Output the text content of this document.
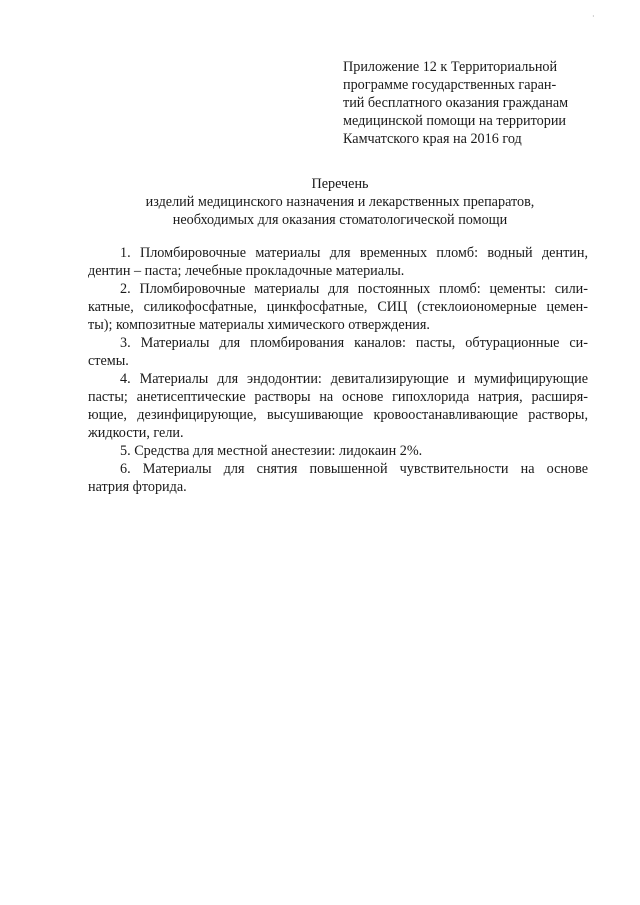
·
Приложение 12 к Территориальной
программе государственных гаран-
тий бесплатного оказания гражданам
медицинской помощи на территории
Камчатского края на 2016 год
Перечень
изделий медицинского назначения и лекарственных препаратов,
необходимых для оказания стоматологической помощи
1. Пломбировочные материалы для временных пломб: водный дентин,
дентин – паста; лечебные прокладочные материалы.
2. Пломбировочные материалы для постоянных пломб: цементы: сили-
катные, силикофосфатные, цинкфосфатные, СИЦ (стеклоиономерные цемен-
ты); композитные материалы химического отверждения.
3. Материалы для пломбирования каналов: пасты, обтурационные си-
стемы.
4. Материалы для эндодонтии: девитализирующие и мумифицирующие
пасты; анетисептические растворы на основе гипохлорида натрия, расширя-
ющие, дезинфицирующие, высушивающие кровоостанавливающие растворы,
жидкости, гели.
5. Средства для местной анестезии: лидокаин 2%.
6. Материалы для снятия повышенной чувствительности на основе
натрия фторида.
